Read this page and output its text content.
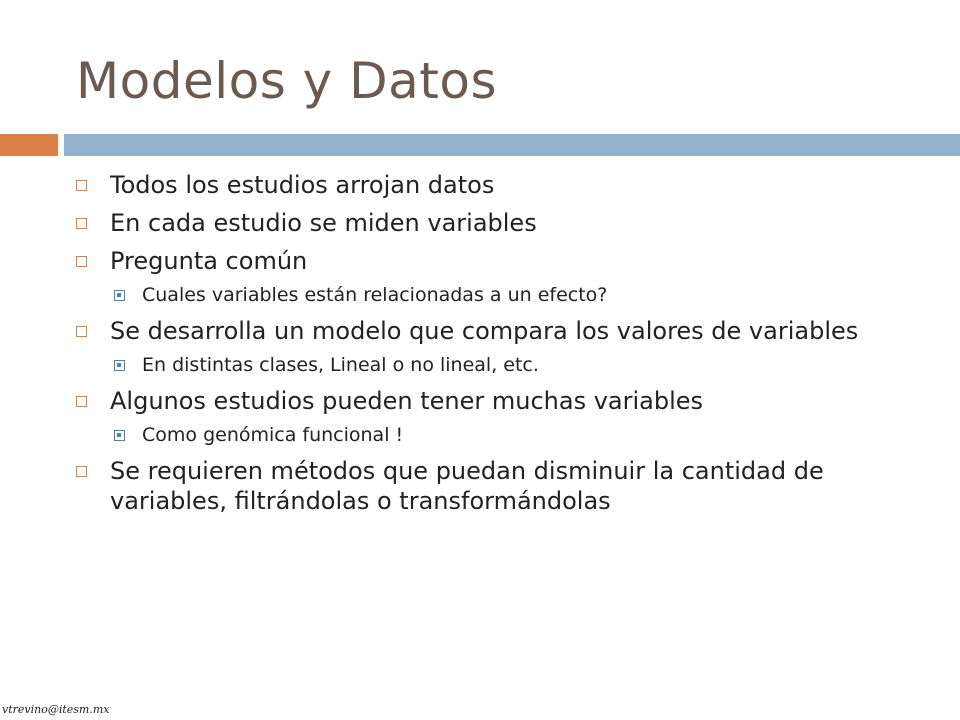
Modelos y Datos
Todos los estudios arrojan datos
En cada estudio se miden variables
Pregunta común
Cuales variables están relacionadas a un efecto?
Se desarrolla un modelo que compara los valores de variables
En distintas clases, Lineal o no lineal, etc.
Algunos estudios pueden tener muchas variables
Como genómica funcional !
Se requieren métodos que puedan disminuir la cantidad de variables, filtrándolas o transformándolas
vtrevino@itesm.mx
